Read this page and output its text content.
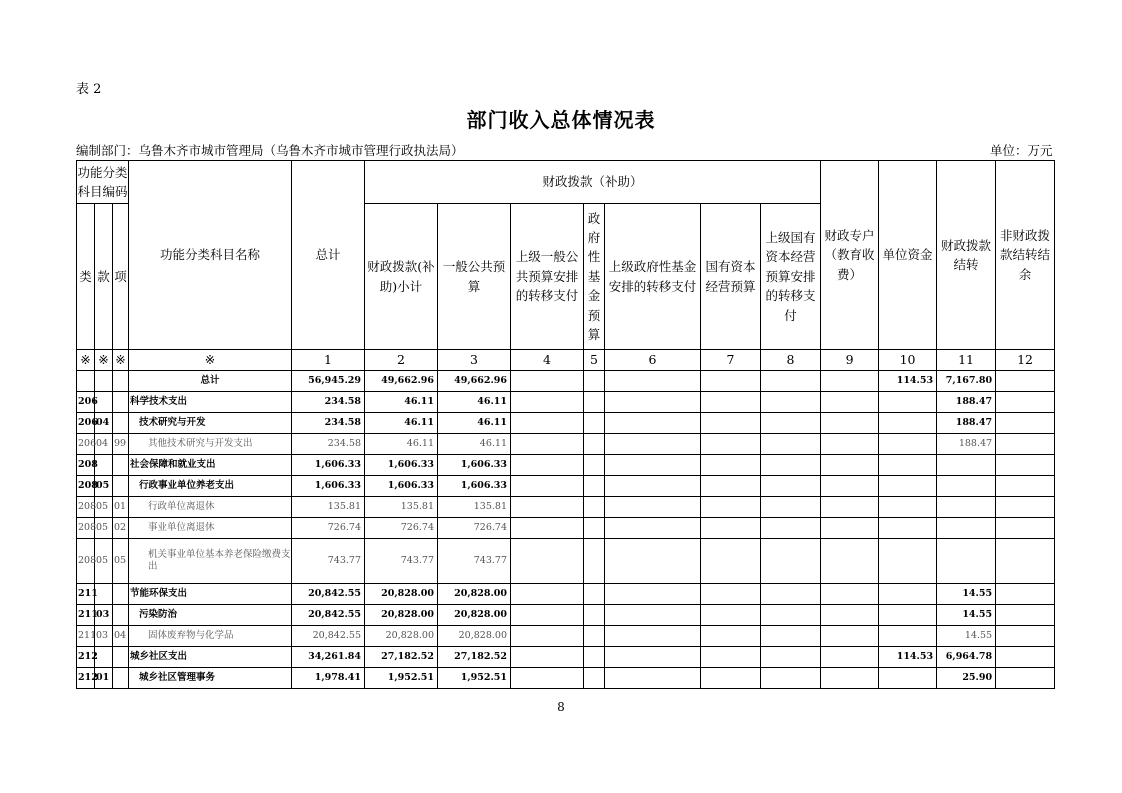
表 2
部门收入总体情况表
编制部门：乌鲁木齐市城市管理局（乌鲁木齐市城市管理行政执法局）	单位：万元
功能分类科目编码			功能分类科目名称	总计	财政拨款（补助）							财政专户（教育收费）	单位资金	财政拨款结转	非财政拨款结转结余
类	款	项			财政拨款(补助)小计	一般公共预算	上级一般公共预算安排的转移支付	政府性基金预算	上级政府性基金安排的转移支付	国有资本经营预算	上级国有资本经营预算安排的转移支付				
※	※	※	※	1	2	3	4	5	6	7	8	9	10	11	12
			总计	56,945.29	49,662.96	49,662.96							114.53	7,167.80	
206			科学技术支出	234.58	46.11	46.11								188.47	
206	04		技术研究与开发	234.58	46.11	46.11								188.47	
206	04	99	其他技术研究与开发支出	234.58	46.11	46.11								188.47	
208			社会保障和就业支出	1,606.33	1,606.33	1,606.33									
208	05		行政事业单位养老支出	1,606.33	1,606.33	1,606.33									
208	05	01	行政单位离退休	135.81	135.81	135.81									
208	05	02	事业单位离退休	726.74	726.74	726.74									
208	05	05	机关事业单位基本养老保险缴费支出	743.77	743.77	743.77									
211			节能环保支出	20,842.55	20,828.00	20,828.00								14.55	
211	03		污染防治	20,842.55	20,828.00	20,828.00								14.55	
211	03	04	固体废弃物与化学品	20,842.55	20,828.00	20,828.00								14.55	
212			城乡社区支出	34,261.84	27,182.52	27,182.52							114.53	6,964.78	
212	01		城乡社区管理事务	1,978.41	1,952.51	1,952.51								25.90	
8
